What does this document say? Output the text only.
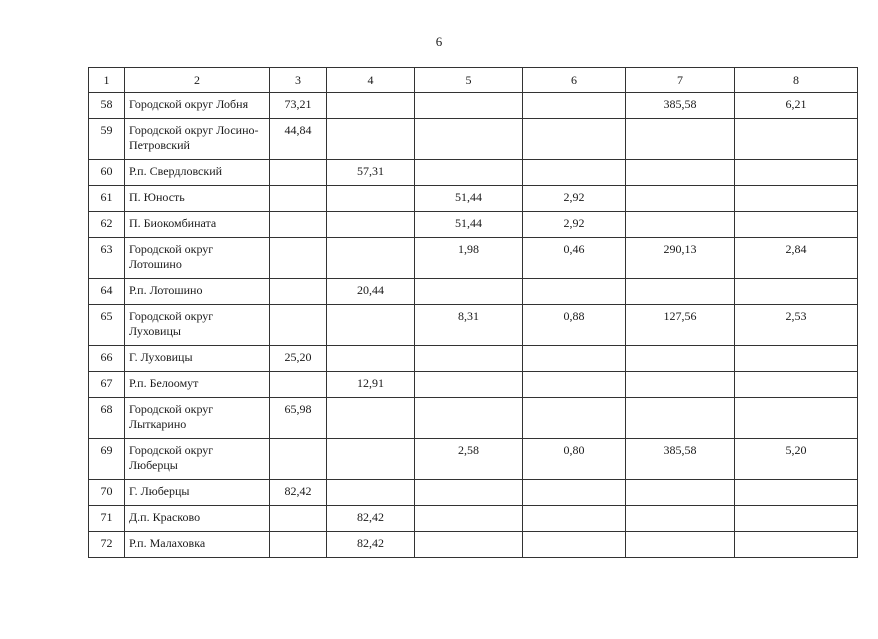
6
1	2	3	4	5	6	7	8
58	Городской округ Лобня	73,21				385,58	6,21
59	Городской округ Лосино-Петровский	44,84					
60	Р.п. Свердловский		57,31				
61	П. Юность			51,44	2,92		
62	П. Биокомбината			51,44	2,92		
63	Городской округ Лотошино			1,98	0,46	290,13	2,84
64	Р.п. Лотошино		20,44				
65	Городской округ Луховицы			8,31	0,88	127,56	2,53
66	Г. Луховицы	25,20					
67	Р.п. Белоомут		12,91				
68	Городской округ Лыткарино	65,98					
69	Городской округ Люберцы			2,58	0,80	385,58	5,20
70	Г. Люберцы	82,42					
71	Д.п. Красково		82,42				
72	Р.п. Малаховка		82,42				
